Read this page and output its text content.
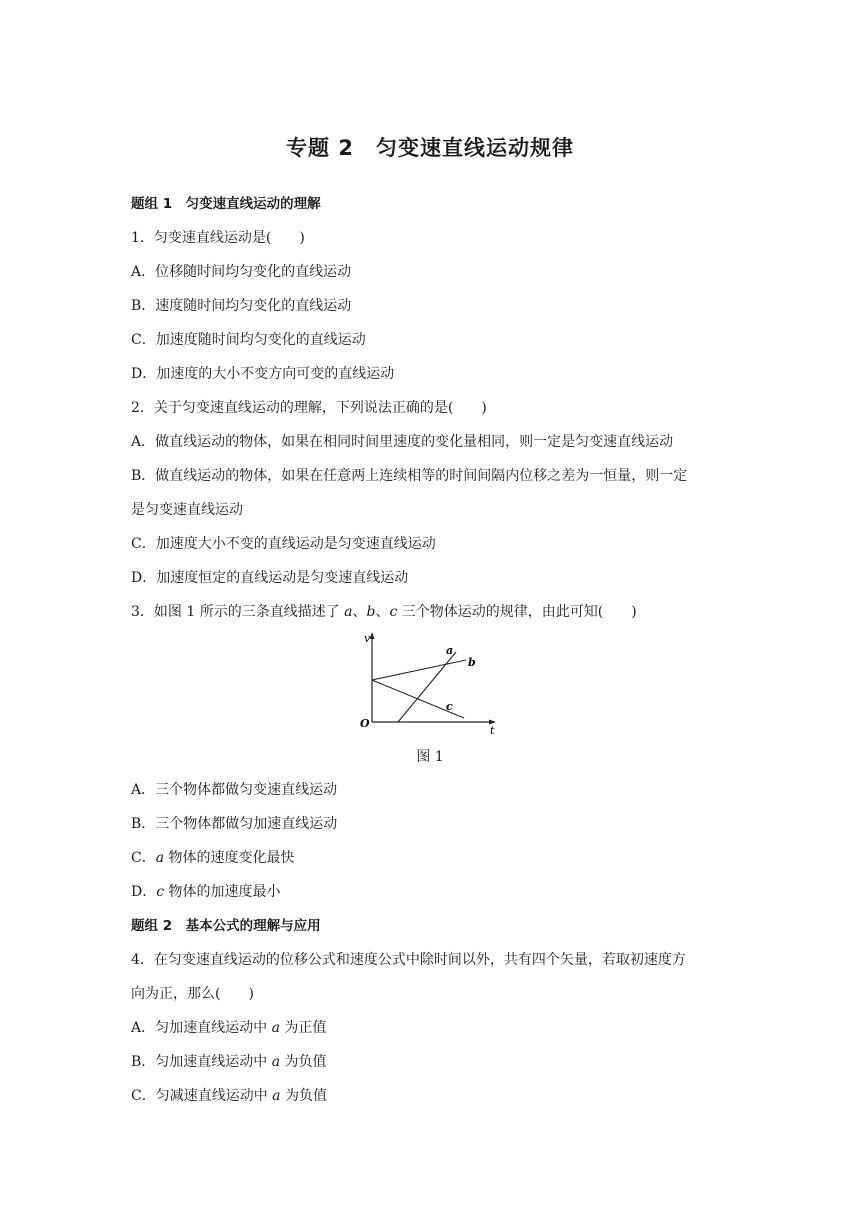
专题 2　匀变速直线运动规律
题组 1　匀变速直线运动的理解
1．匀变速直线运动是(　　)
A．位移随时间均匀变化的直线运动
B．速度随时间均匀变化的直线运动
C．加速度随时间均匀变化的直线运动
D．加速度的大小不变方向可变的直线运动
2．关于匀变速直线运动的理解，下列说法正确的是(　　)
A．做直线运动的物体，如果在相同时间里速度的变化量相同，则一定是匀变速直线运动
B．做直线运动的物体，如果在任意两上连续相等的时间间隔内位移之差为一恒量，则一定
是匀变速直线运动
C．加速度大小不变的直线运动是匀变速直线运动
D．加速度恒定的直线运动是匀变速直线运动
3．如图 1 所示的三条直线描述了 a、b、c 三个物体运动的规律，由此可知(　　)
v
t
O
a
b
c
图 1
A．三个物体都做匀变速直线运动
B．三个物体都做匀加速直线运动
C．a 物体的速度变化最快
D．c 物体的加速度最小
题组 2　基本公式的理解与应用
4．在匀变速直线运动的位移公式和速度公式中除时间以外，共有四个矢量，若取初速度方
向为正，那么(　　)
A．匀加速直线运动中 a 为正值
B．匀加速直线运动中 a 为负值
C．匀减速直线运动中 a 为负值
